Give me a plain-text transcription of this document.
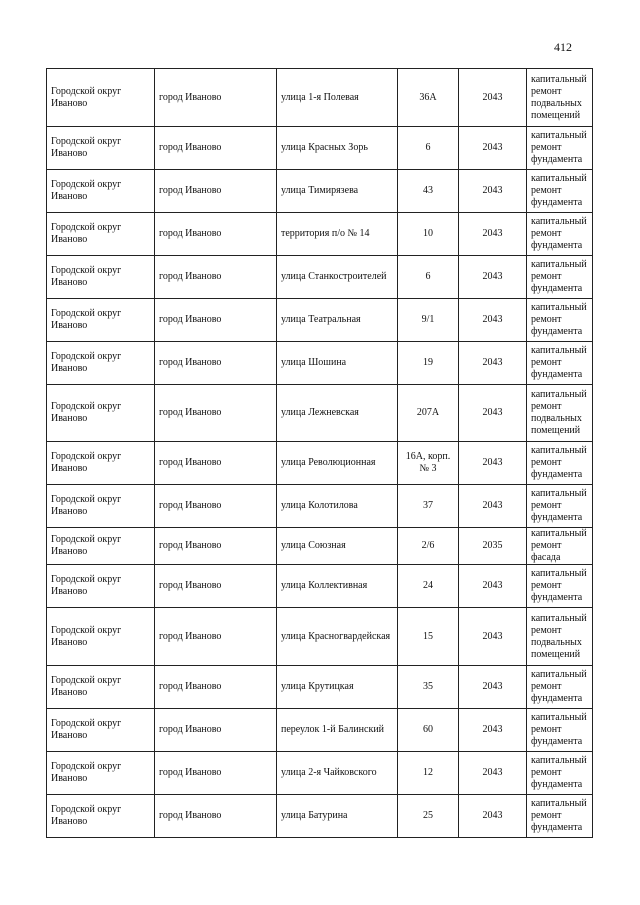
412
Городской округ Иваново	город Иваново	улица 1-я Полевая	36А	2043	капитальный ремонт подвальных помещений
Городской округ Иваново	город Иваново	улица Красных Зорь	6	2043	капитальный ремонт фундамента
Городской округ Иваново	город Иваново	улица Тимирязева	43	2043	капитальный ремонт фундамента
Городской округ Иваново	город Иваново	территория п/о № 14	10	2043	капитальный ремонт фундамента
Городской округ Иваново	город Иваново	улица Станкостроителей	6	2043	капитальный ремонт фундамента
Городской округ Иваново	город Иваново	улица Театральная	9/1	2043	капитальный ремонт фундамента
Городской округ Иваново	город Иваново	улица Шошина	19	2043	капитальный ремонт фундамента
Городской округ Иваново	город Иваново	улица Лежневская	207А	2043	капитальный ремонт подвальных помещений
Городской округ Иваново	город Иваново	улица Революционная	16А, корп. № 3	2043	капитальный ремонт фундамента
Городской округ Иваново	город Иваново	улица Колотилова	37	2043	капитальный ремонт фундамента
Городской округ Иваново	город Иваново	улица Союзная	2/6	2035	капитальный ремонт фасада
Городской округ Иваново	город Иваново	улица Коллективная	24	2043	капитальный ремонт фундамента
Городской округ Иваново	город Иваново	улица Красногвардейская	15	2043	капитальный ремонт подвальных помещений
Городской округ Иваново	город Иваново	улица Крутицкая	35	2043	капитальный ремонт фундамента
Городской округ Иваново	город Иваново	переулок 1-й Балинский	60	2043	капитальный ремонт фундамента
Городской округ Иваново	город Иваново	улица 2-я Чайковского	12	2043	капитальный ремонт фундамента
Городской округ Иваново	город Иваново	улица Батурина	25	2043	капитальный ремонт фундамента
